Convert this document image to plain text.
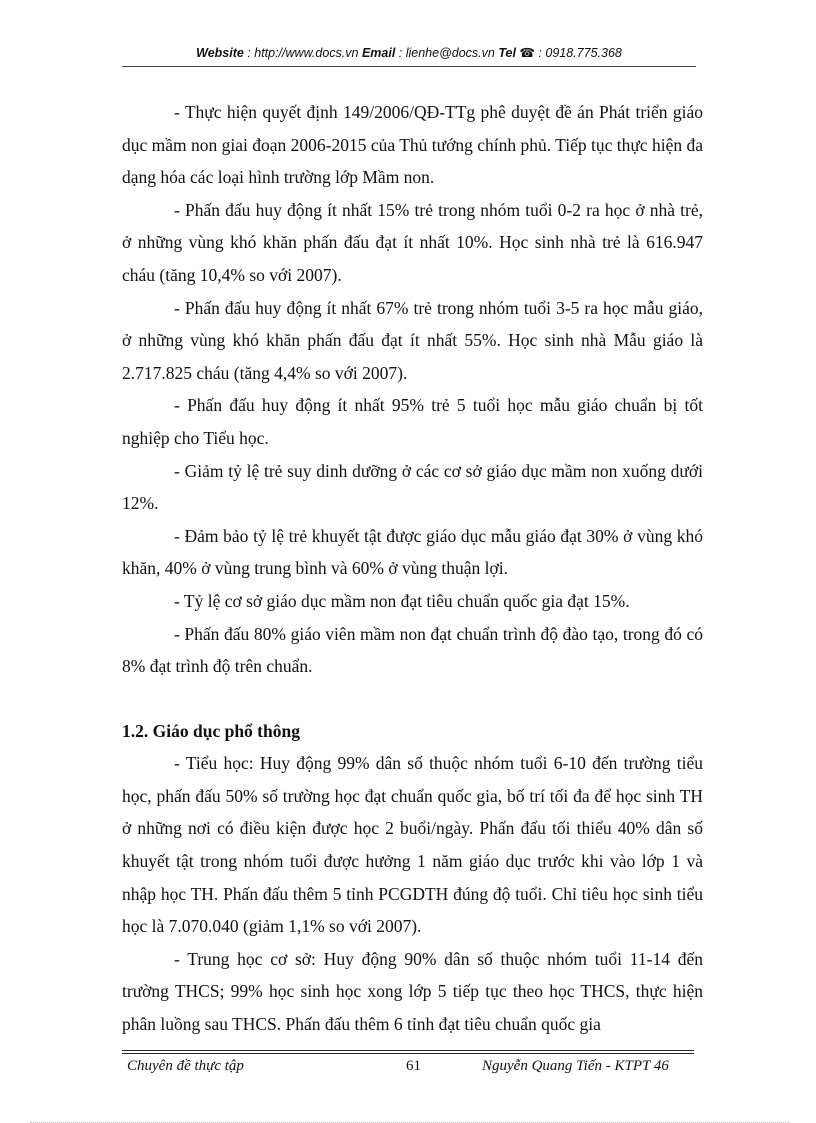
Website : http://www.docs.vn Email : lienhe@docs.vn Tel ☎ : 0918.775.368

- Thực hiện quyết định 149/2006/QĐ-TTg phê duyệt đề án Phát triển giáo dục mầm non giai đoạn 2006-2015 của Thủ tướng chính phủ. Tiếp tục thực hiện đa dạng hóa các loại hình trường lớp Mầm non.

- Phấn đấu huy động ít nhất 15% trẻ trong nhóm tuổi 0-2 ra học ở nhà trẻ, ở những vùng khó khăn phấn đấu đạt ít nhất 10%. Học sinh nhà trẻ là 616.947 cháu (tăng 10,4% so với 2007).

- Phấn đấu huy động ít nhất 67% trẻ trong nhóm tuổi 3-5 ra học mẫu giáo, ở những vùng khó khăn phấn đấu đạt ít nhất 55%. Học sinh nhà Mẫu giáo là 2.717.825 cháu (tăng 4,4% so với 2007).

- Phấn đấu huy động ít nhất 95% trẻ 5 tuổi học mẫu giáo chuẩn bị tốt nghiệp cho Tiểu học.

- Giảm tỷ lệ trẻ suy dinh dưỡng ở các cơ sở giáo dục mầm non xuống dưới 12%.

- Đảm bảo tỷ lệ trẻ khuyết tật được giáo dục mẫu giáo đạt 30% ở vùng khó khăn, 40% ở vùng trung bình và 60% ở vùng thuận lợi.

- Tỷ lệ cơ sở giáo dục mầm non đạt tiêu chuẩn quốc gia đạt 15%.

- Phấn đấu 80% giáo viên mầm non đạt chuẩn trình độ đào tạo, trong đó có 8% đạt trình độ trên chuẩn.

1.2. Giáo dục phổ thông

- Tiểu học: Huy động 99% dân số thuộc nhóm tuổi 6-10 đến trường tiểu học, phấn đấu 50% số trường học đạt chuẩn quốc gia, bố trí tối đa để học sinh TH ở những nơi có điều kiện được học 2 buổi/ngày. Phấn đấu tối thiểu 40% dân số khuyết tật trong nhóm tuổi được hưởng 1 năm giáo dục trước khi vào lớp 1 và nhập học TH. Phấn đấu thêm 5 tỉnh PCGDTH đúng độ tuổi. Chỉ tiêu học sinh tiểu học là 7.070.040 (giảm 1,1% so với 2007).

- Trung học cơ sở: Huy động 90% dân số thuộc nhóm tuổi 11-14 đến trường THCS; 99% học sinh học xong lớp 5 tiếp tục theo học THCS, thực hiện phân luồng sau THCS. Phấn đấu thêm 6 tỉnh đạt tiêu chuẩn quốc gia

Chuyên đề thực tập	61	Nguyễn Quang Tiến - KTPT 46
